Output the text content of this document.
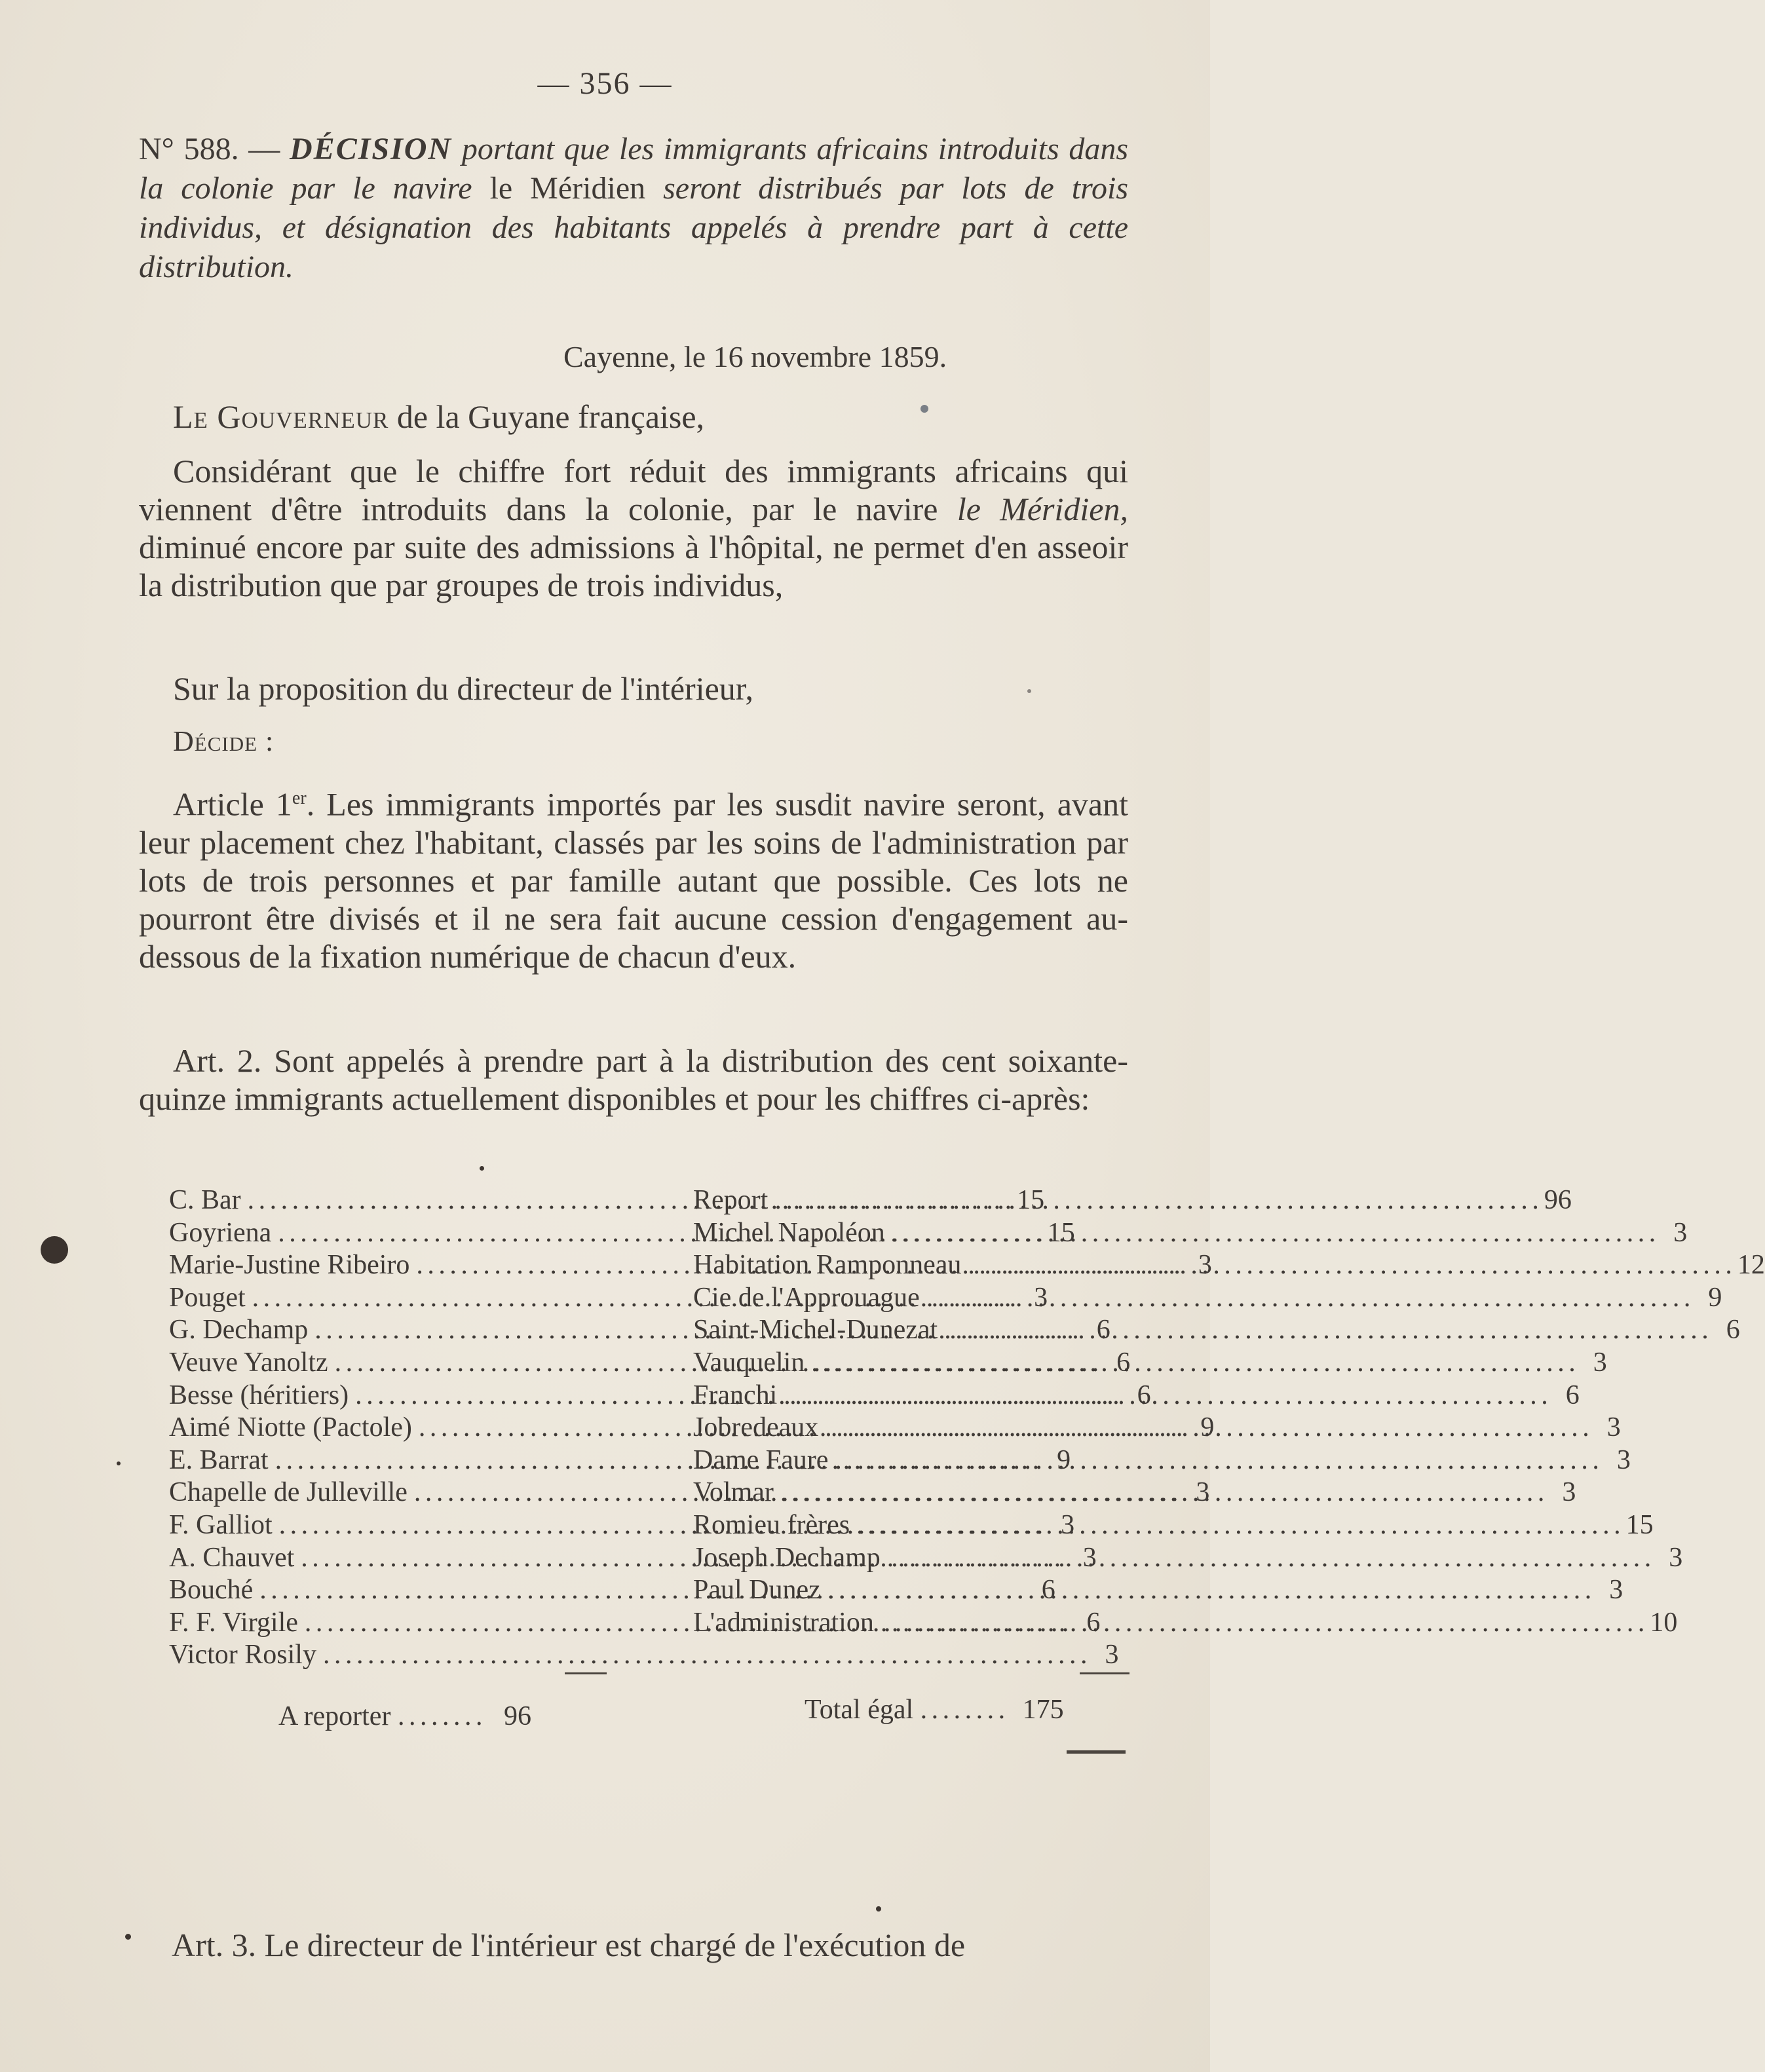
— 356 —
N° 588. — DÉCISION portant que les immigrants africains introduits dans la colonie par le navire le Méridien seront distribués par lots de trois individus, et désignation des habitants appelés à prendre part à cette distribution.
Cayenne, le 16 novembre 1859.
Le Gouverneur de la Guyane française,
Considérant que le chiffre fort réduit des immigrants africains qui viennent d'être introduits dans la colonie, par le navire le Méridien, diminué encore par suite des admissions à l'hôpital, ne permet d'en asseoir la distribution que par groupes de trois individus,
Sur la proposition du directeur de l'intérieur,
Décide :
Article 1er. Les immigrants importés par les susdit navire seront, avant leur placement chez l'habitant, classés par les soins de l'administration par lots de trois personnes et par famille autant que possible. Ces lots ne pourront être divisés et il ne sera fait aucune cession d'engagement au-dessous de la fixation numérique de chacun d'eux.
Art. 2. Sont appelés à prendre part à la distribution des cent soixante-quinze immigrants actuellement disponibles et pour les chiffres ci-après:
C. Bar . . .	15
Goyriena . . .	15
Marie-Justine Ribeiro . . .	3
Pouget . . .	3
G. Dechamp . . .	6
Veuve Yanoltz . . .	6
Besse (héritiers) . . .	6
Aimé Niotte (Pactole) . . .	9
E. Barrat . . .	9
Chapelle de Julleville . . .	3
F. Galliot . . .	3
A. Chauvet . . .	3
Bouché . . .	6
F. F. Virgile . . .	6
Victor Rosily . . .	3
A reporter . . . . . . . . 96
Report . . .	96
Michel Napoléon . . .	3
Habitation Ramponneau . . .	12
Cie de l'Approuague . . .	9
Saint-Michel-Dunezat . . .	6
Vauquelin . . .	3
Franchi . . .	6
Jobredeaux . . .	3
Dame Faure . . .	3
Volmar . . .	3
Romieu frères . . .	15
Joseph Dechamp . . .	3
Paul Dunez . . .	3
L'administration . . .	10
Total égal . . . . . . . . 175
Art. 3. Le directeur de l'intérieur est chargé de l'exécution de
